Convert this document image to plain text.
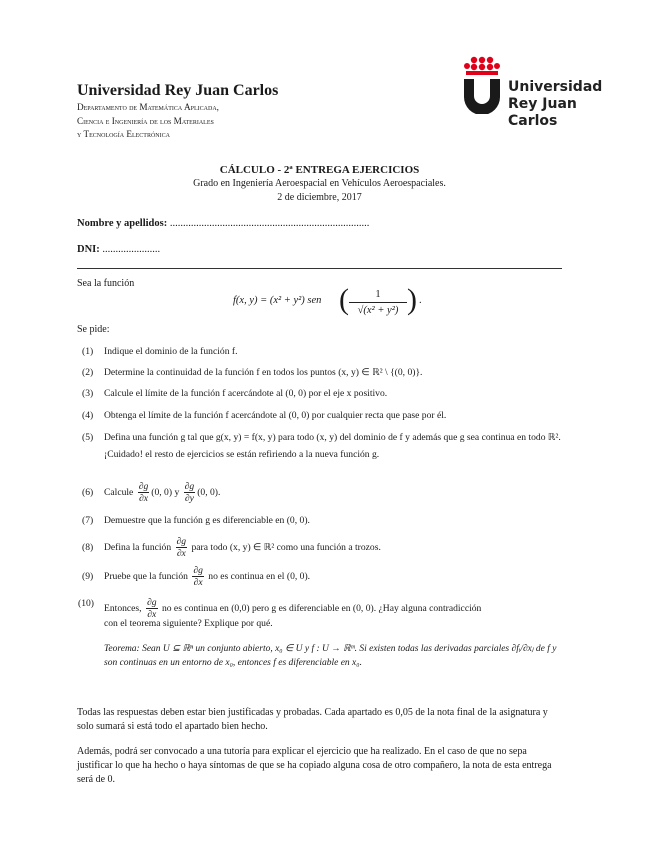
Universidad Rey Juan Carlos
Departamento de Matemática Aplicada,
Ciencia e Ingeniería de los Materiales
y Tecnología Electrónica
Universidad
Rey Juan Carlos
CÁLCULO - 2ª ENTREGA EJERCICIOS
Grado en Ingeniería Aeroespacial en Vehículos Aeroespaciales.
2 de diciembre, 2017
Nombre y apellidos: ............................................................................
DNI: ......................
Sea la función
f(x, y) = (x² + y²) sen ( $\frac{1}{\text{√(x² + y²)}}$ ) .
Se pide:
(1) Indique el dominio de la función f.
(2) Determine la continuidad de la función f en todos los puntos (x, y) ∈ ℝ² \ {(0, 0)}.
(3) Calcule el límite de la función f acercándote al (0, 0) por el eje x positivo.
(4) Obtenga el límite de la función f acercándote al (0, 0) por cualquier recta que pase por él.
(5) Defina una función g tal que g(x, y) = f(x, y) para todo (x, y) del dominio de f y además que g sea continua en todo ℝ².
¡Cuidado! el resto de ejercicios se están refiriendo a la nueva función g.
(6) Calcule $\frac{\partial g}{\partial x} (0$, 0) y $\frac{\partial g}{\partial y} (0$, 0).
(7) Demuestre que la función g es diferenciable en (0, 0).
(8) Defina la función $\frac{\partial g}{\partial x}$ para todo (x, y) ∈ ℝ² como una función a trozos.
(9) Pruebe que la función $\frac{\partial g}{\partial x}$ no es continua en el (0, 0).
(10) Entonces, $\frac{\partial g}{\partial x}$ no es continua en (0,0) pero g es diferenciable en (0, 0). ¿Hay alguna contradicción
con el teorema siguiente? Explique por qué.
Teorema: Sean U ⊆ ℝⁿ un conjunto abierto, x₀ ∈ U y f : U → ℝᵐ. Si existen todas las derivadas parciales ∂fᵢ/∂xⱼ de f y son continuas en un entorno de x₀, entonces f es diferenciable en x₀.
Todas las respuestas deben estar bien justificadas y probadas. Cada apartado es 0,05 de la nota final de la asignatura y solo sumará si está todo el apartado bien hecho.
Además, podrá ser convocado a una tutoría para explicar el ejercicio que ha realizado. En el caso de que no sepa justificar lo que ha hecho o haya síntomas de que se ha copiado alguna cosa de otro compañero, la nota de esta entrega será de 0.
